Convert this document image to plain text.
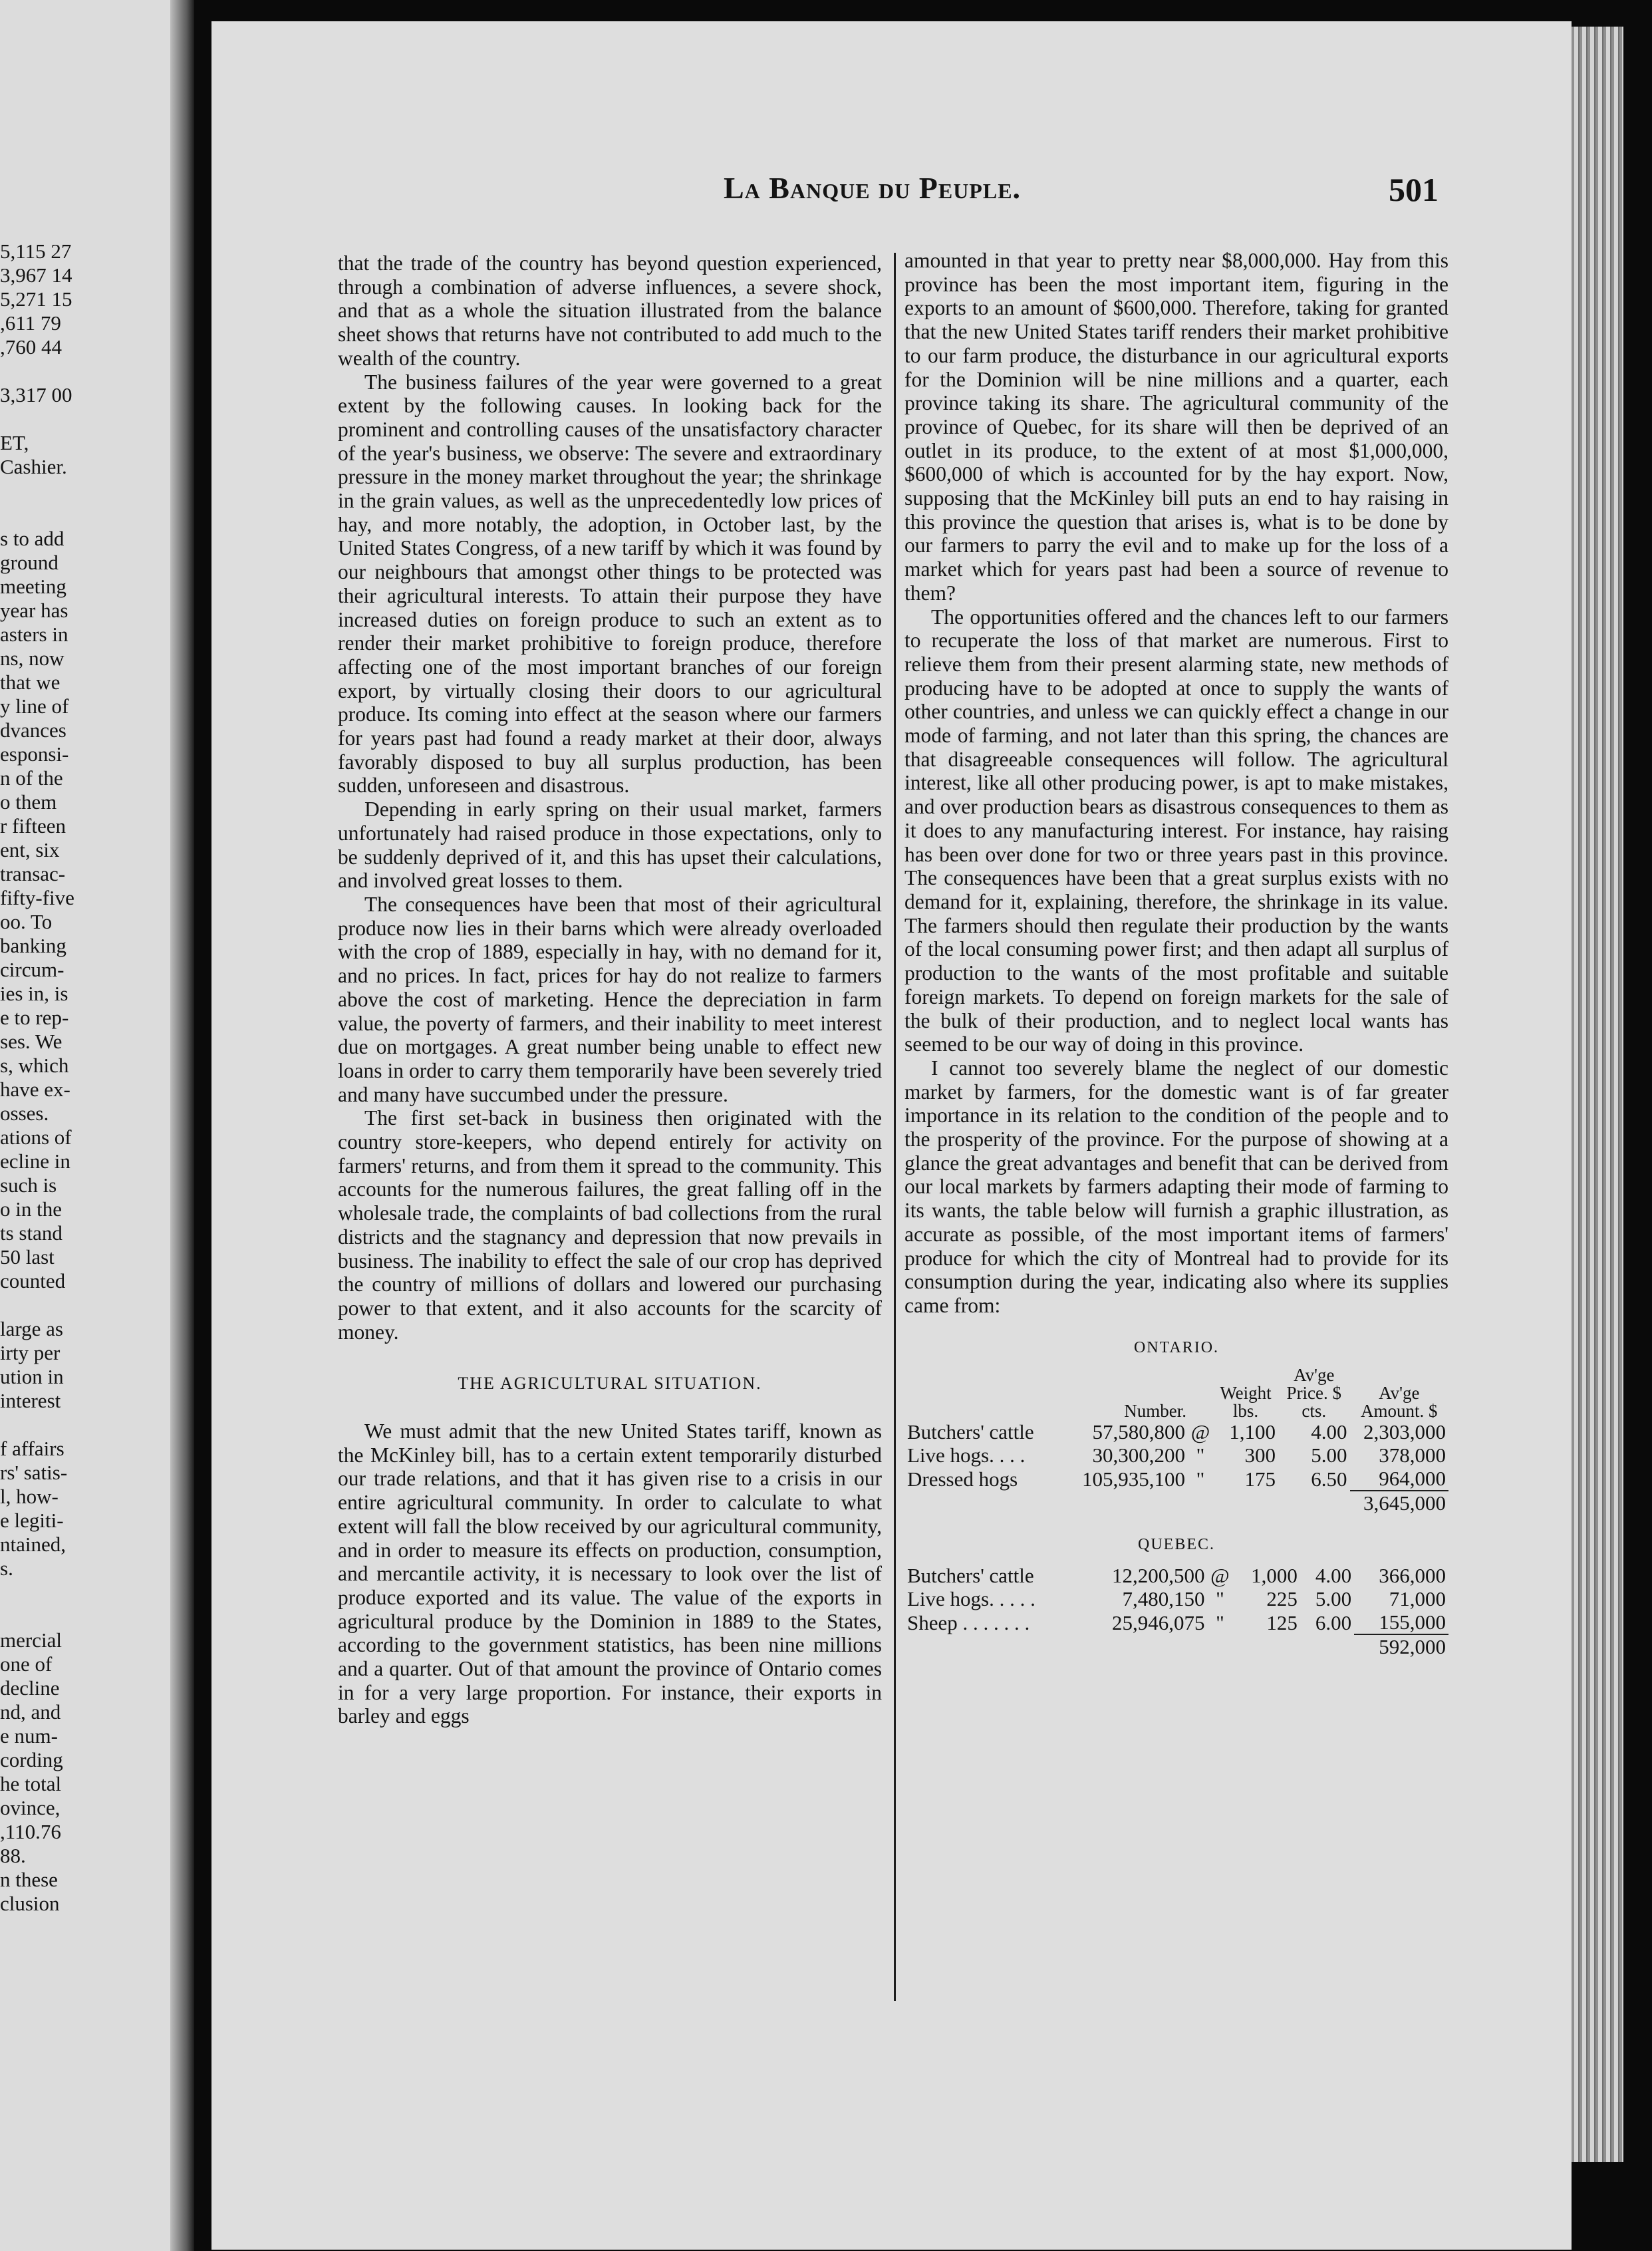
5,115 27
3,967 14
5,271 15
,611 79
,760 44
3,317 00
ET,
Cashier.
s to add
ground
meeting
year has
asters in
ns, now
that we
y line of
dvances
esponsi-
n of the
o them
r fifteen
ent, six
transac-
fifty-five
oo. To
banking
circum-
ies in, is
e to rep-
ses. We
s, which
have ex-
osses.
ations of
ecline in
such is
o in the
ts stand
50 last
counted
large as
irty per
ution in
interest
f affairs
rs' satis-
l, how-
e legiti-
ntained,
s.
mercial
one of
decline
nd, and
e num-
cording
he total
ovince,
,110.76
88.
n these
clusion
La Banque du Peuple.	501

that the trade of the country has beyond question experienced, through a combination of adverse influences, a severe shock, and that as a whole the situation illustrated from the balance sheet shows that returns have not contributed to add much to the wealth of the country.

The business failures of the year were governed to a great extent by the following causes. In looking back for the prominent and controlling causes of the unsatisfactory character of the year's business, we observe: The severe and extraordinary pressure in the money market throughout the year; the shrinkage in the grain values, as well as the unprecedentedly low prices of hay, and more notably, the adoption, in October last, by the United States Congress, of a new tariff by which it was found by our neighbours that amongst other things to be protected was their agricultural interests. To attain their purpose they have increased duties on foreign produce to such an extent as to render their market prohibitive to foreign produce, therefore affecting one of the most important branches of our foreign export, by virtually closing their doors to our agricultural produce. Its coming into effect at the season where our farmers for years past had found a ready market at their door, always favorably disposed to buy all surplus production, has been sudden, unforeseen and disastrous.

Depending in early spring on their usual market, farmers unfortunately had raised produce in those expectations, only to be suddenly deprived of it, and this has upset their calculations, and involved great losses to them.

The consequences have been that most of their agricultural produce now lies in their barns which were already overloaded with the crop of 1889, especially in hay, with no demand for it, and no prices. In fact, prices for hay do not realize to farmers above the cost of marketing. Hence the depreciation in farm value, the poverty of farmers, and their inability to meet interest due on mortgages. A great number being unable to effect new loans in order to carry them temporarily have been severely tried and many have succumbed under the pressure.

The first set-back in business then originated with the country store-keepers, who depend entirely for activity on farmers' returns, and from them it spread to the community. This accounts for the numerous failures, the great falling off in the wholesale trade, the complaints of bad collections from the rural districts and the stagnancy and depression that now prevails in business. The inability to effect the sale of our crop has deprived the country of millions of dollars and lowered our purchasing power to that extent, and it also accounts for the scarcity of money.

THE AGRICULTURAL SITUATION.

We must admit that the new United States tariff, known as the McKinley bill, has to a certain extent temporarily disturbed our trade relations, and that it has given rise to a crisis in our entire agricultural community. In order to calculate to what extent will fall the blow received by our agricultural community, and in order to measure its effects on production, consumption, and mercantile activity, it is necessary to look over the list of produce exported and its value. The value of the exports in agricultural produce by the Dominion in 1889 to the States, according to the government statistics, has been nine millions and a quarter. Out of that amount the province of Ontario comes in for a very large proportion. For instance, their exports in barley and eggs

amounted in that year to pretty near $8,000,000. Hay from this province has been the most important item, figuring in the exports to an amount of $600,000. Therefore, taking for granted that the new United States tariff renders their market prohibitive to our farm produce, the disturbance in our agricultural exports for the Dominion will be nine millions and a quarter, each province taking its share. The agricultural community of the province of Quebec, for its share will then be deprived of an outlet in its produce, to the extent of at most $1,000,000, $600,000 of which is accounted for by the hay export. Now, supposing that the McKinley bill puts an end to hay raising in this province the question that arises is, what is to be done by our farmers to parry the evil and to make up for the loss of a market which for years past had been a source of revenue to them?

The opportunities offered and the chances left to our farmers to recuperate the loss of that market are numerous. First to relieve them from their present alarming state, new methods of producing have to be adopted at once to supply the wants of other countries, and unless we can quickly effect a change in our mode of farming, and not later than this spring, the chances are that disagreeable consequences will follow. The agricultural interest, like all other producing power, is apt to make mistakes, and over production bears as disastrous consequences to them as it does to any manufacturing interest. For instance, hay raising has been over done for two or three years past in this province. The consequences have been that a great surplus exists with no demand for it, explaining, therefore, the shrinkage in its value. The farmers should then regulate their production by the wants of the local consuming power first; and then adapt all surplus of production to the wants of the most profitable and suitable foreign markets. To depend on foreign markets for the sale of the bulk of their production, and to neglect local wants has seemed to be our way of doing in this province.

I cannot too severely blame the neglect of our domestic market by farmers, for the domestic want is of far greater importance in its relation to the condition of the people and to the prosperity of the province. For the purpose of showing at a glance the great advantages and benefit that can be derived from our local markets by farmers adapting their mode of farming to its wants, the table below will furnish a graphic illustration, as accurate as possible, of the most important items of farmers' produce for which the city of Montreal had to provide for its consumption during the year, indicating also where its supplies came from:

ONTARIO.
	Number.		Weight lbs.	Av'ge Price. $ cts.	Av'ge Amount. $
Butchers' cattle	57,580,800	@	1,100	4.00	2,303,000
Live hogs. . . .	30,300,200	"	300	5.00	378,000
Dressed hogs	105,935,100	"	175	6.50	964,000
					3,645,000
QUEBEC.
Butchers' cattle	12,200,500	@	1,000	4.00	366,000
Live hogs. . . . .	7,480,150	"	225	5.00	71,000
Sheep . . . . . . .	25,946,075	"	125	6.00	155,000
					592,000
